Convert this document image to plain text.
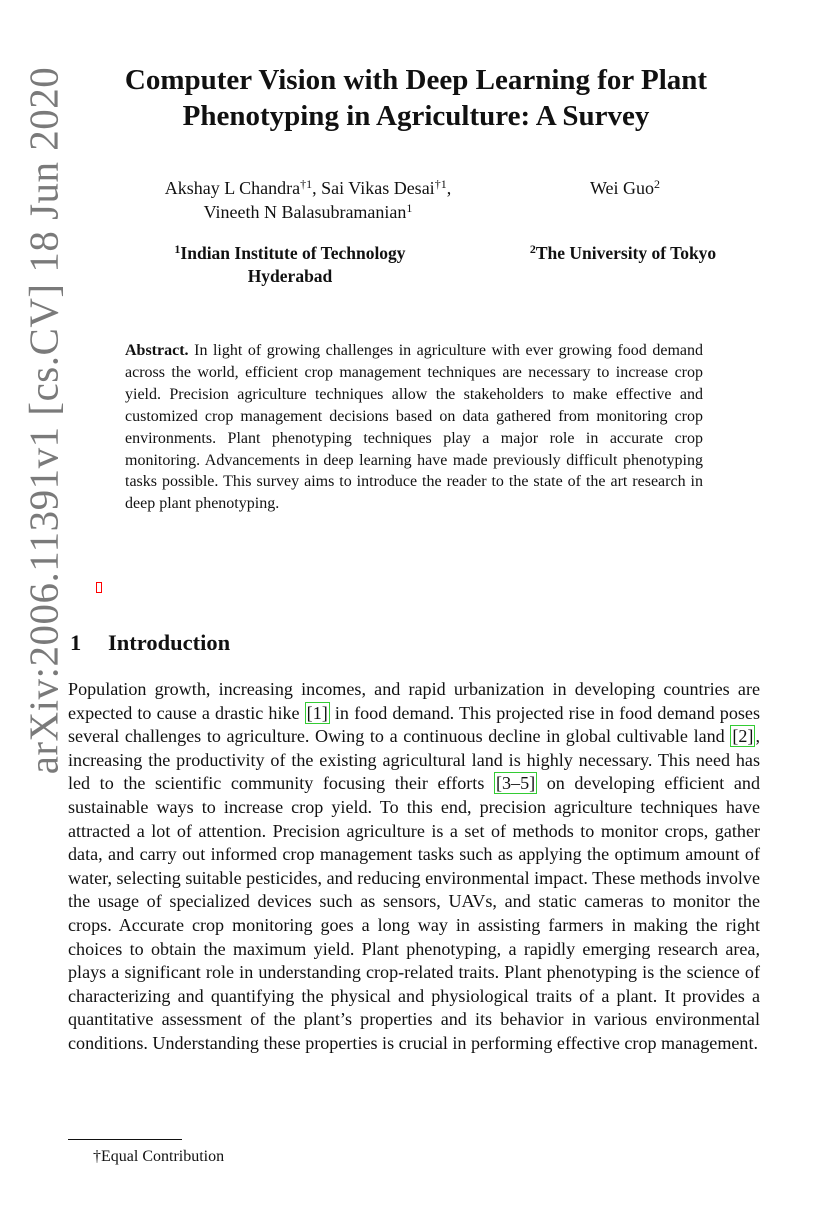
arXiv:2006.11391v1 [cs.CV] 18 Jun 2020	Computer Vision with Deep Learning for Plant
Phenotyping in Agriculture: A Survey
Akshay L Chandra$^{\dagger 1}$, Sai Vikas Desai$^{\dagger 1}$,
Vineeth N Balasubramanian$^1$
Wei Guo$^2$
$^1$Indian Institute of Technology
Hyderabad
$^2$The University of Tokyo
Abstract. In light of growing challenges in agriculture with ever growing food demand across the world, efficient crop management techniques are necessary to increase crop yield. Precision agriculture techniques allow the stakeholders to make effective and customized crop management decisions based on data gathered from monitoring crop environments. Plant phenotyping techniques play a major role in accurate crop monitoring. Advancements in deep learning have made previously difficult phenotyping tasks possible. This survey aims to introduce the reader to the state of the art research in deep plant phenotyping.
1 Introduction
Population growth, increasing incomes, and rapid urbanization in developing countries are expected to cause a drastic hike [1] in food demand. This projected rise in food demand poses several challenges to agriculture. Owing to a continuous decline in global cultivable land [2] , increasing the productivity of the existing agricultural land is highly necessary. This need has led to the scientific community focusing their efforts [3–5] on developing efficient and sustainable ways to increase crop yield. To this end, precision agriculture techniques have attracted a lot of attention. Precision agriculture is a set of methods to monitor crops, gather data, and carry out informed crop management tasks such as applying the optimum amount of water, selecting suitable pesticides, and reducing environmental impact. These methods involve the usage of specialized devices such as sensors, UAVs, and static cameras to monitor the crops. Accurate crop monitoring goes a long way in assisting farmers in making the right choices to obtain the maximum yield. Plant phenotyping, a rapidly emerging research area, plays a significant role in understanding crop-related traits. Plant phenotyping is the science of characterizing and quantifying the physical and physiological traits of a plant. It provides a quantitative assessment of the plant’s properties and its behavior in various environmental conditions. Understanding these properties is crucial in performing effective crop management.
†Equal Contribution
